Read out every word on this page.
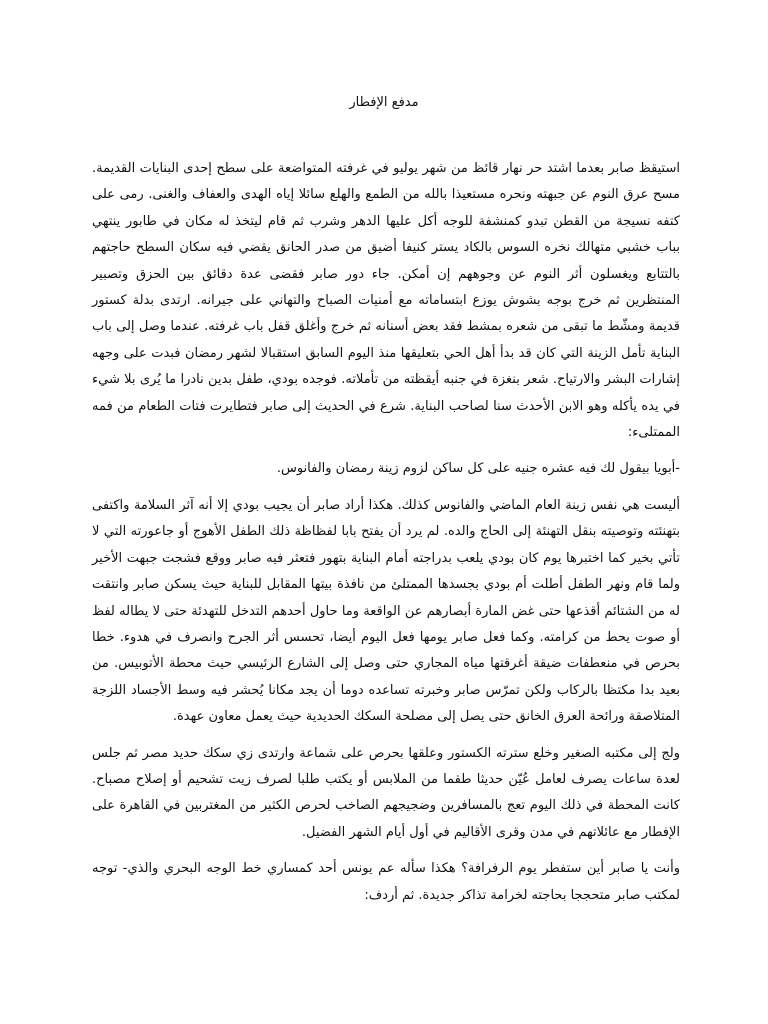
مدفع الإفطار

استيقظ صابر بعدما اشتد حر نهار قائظ من شهر يوليو في غرفته المتواضعة على سطح إحدى البنايات القديمة. مسح عرق النوم عن جبهته ونحره مستعيذا بالله من الطمع والهلع سائلا إياه الهدى والعفاف والغنى. رمى على كتفه نسيجة من القطن تبدو كمنشفة للوجه أكل عليها الدهر وشرب ثم قام ليتخذ له مكان في طابور ينتهي بباب خشبي متهالك نخره السوس بالكاد يستر كنيفا أضيق من صدر الحانق يقضي فيه سكان السطح حاجتهم بالتتابع ويغسلون أثر النوم عن وجوههم إن أمكن. جاء دور صابر فقضى عدة دقائق بين الحزق وتصبير المنتظرين ثم خرج بوجه بشوش يوزع ابتساماته مع أمنيات الصباح والتهاني على جيرانه. ارتدى بدلة كستور قديمة ومشّط ما تبقى من شعره بمشط فقد بعض أسنانه ثم خرج وأغلق قفل باب غرفته. عندما وصل إلى باب البناية تأمل الزينة التي كان قد بدأ أهل الحي بتعليقها منذ اليوم السابق استقبالا لشهر رمضان فبدت على وجهه إشارات البشر والارتياح. شعر بنغزة في جنبه أيقظته من تأملاته. فوجده بودي، طفل بدين نادرا ما يُرى بلا شيء في يده يأكله وهو الابن الأحدث سنا لصاحب البناية. شرع في الحديث إلى صابر فتطايرت فتات الطعام من فمه الممتلىء:

-أبويا بيقول لك فيه عشره جنيه على كل ساكن لزوم زينة رمضان والفانوس.

أليست هي نفس زينة العام الماضي والفانوس كذلك. هكذا أراد صابر أن يجيب بودي إلا أنه آثر السلامة واكتفى بتهنئته وتوصيته بنقل التهنئة إلى الحاج والده. لم يرد أن يفتح بابا لفظاظة ذلك الطفل الأهوج أو جاعورته التي لا تأتي بخير كما اختبرها يوم كان بودي يلعب بدراجته أمام البناية بتهور فتعثر فيه صابر ووقع فشجت جبهت الأخير ولما قام ونهر الطفل أطلت أم بودي بجسدها الممتلئ من نافذة بيتها المقابل للبناية حيث يسكن صابر وانتقت له من الشتائم أقذعها حتى غض المارة أبصارهم عن الواقعة وما حاول أحدهم التدخل للتهدئة حتى لا يطاله لفظ أو صوت يحط من كرامته. وكما فعل صابر يومها فعل اليوم أيضا، تحسس أثر الجرح وانصرف في هدوء. خطا بحرص في منعطفات ضيقة أغرقتها مياه المجاري حتى وصل إلى الشارع الرئيسي حيث محطة الأتوبيس. من بعيد بدا مكتظا بالركاب ولكن تمرّس صابر وخبرته تساعده دوما أن يجد مكانا يُحشر فيه وسط الأجساد اللزجة المتلاصقة ورائحة العرق الخانق حتى يصل إلى مصلحة السكك الحديدية حيث يعمل معاون عهدة.

ولج إلى مكتبه الصغير وخلع سترته الكستور وعلقها بحرص على شماعة وارتدى زي سكك حديد مصر ثم جلس لعدة ساعات يصرف لعامل عُيّن حديثا طقما من الملابس أو يكتب طلبا لصرف زيت تشحيم أو إصلاح مصباح. كانت المحطة في ذلك اليوم تعج بالمسافرين وضجيجهم الصاخب لحرص الكثير من المغتربين في القاهرة على الإفطار مع عائلاتهم في مدن وقرى الأقاليم في أول أيام الشهر الفضيل.

وأنت يا صابر أين ستفطر يوم الرفرافة؟ هكذا سأله عم يونس أحد كمساري خط الوجه البحري والذي- توجه لمكتب صابر متحججا بحاجته لخرامة تذاكر جديدة. ثم أردف:
